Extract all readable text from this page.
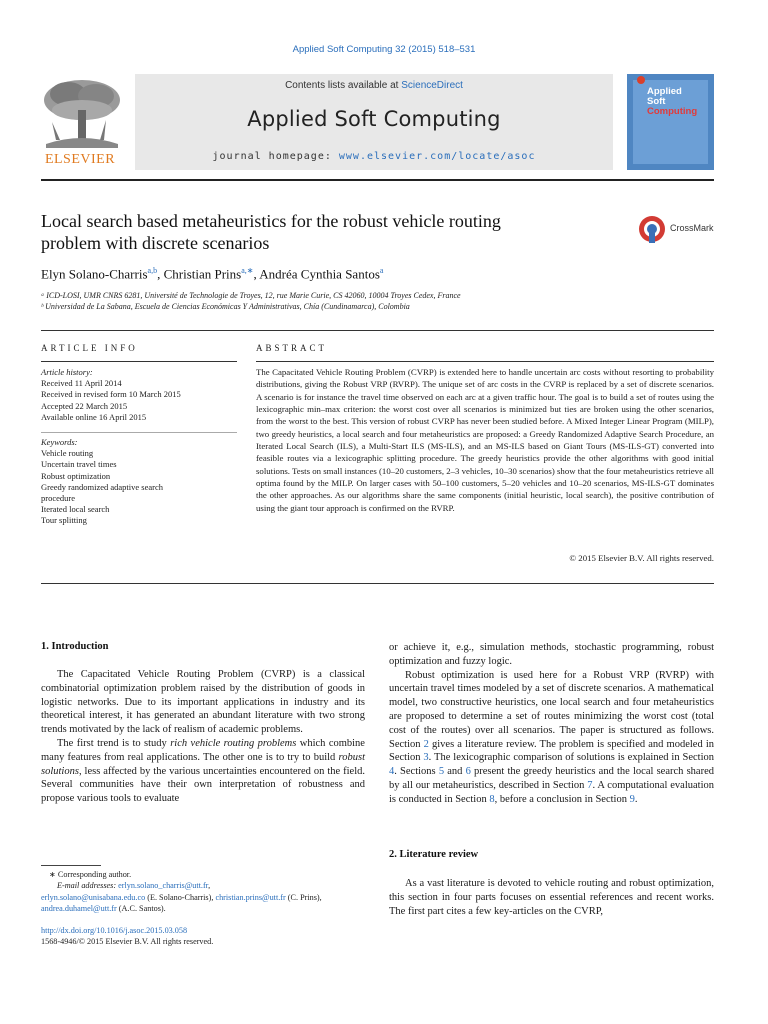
Applied Soft Computing 32 (2015) 518–531
ELSEVIER
Contents lists available at ScienceDirect
Applied Soft Computing
journal homepage: www.elsevier.com/locate/asoc
Applied
Soft
Computing
Local search based metaheuristics for the robust vehicle routing
problem with discrete scenarios
CrossMark
Elyn Solano-Charris$^{a,b}$, Christian Prins$^{a,∗}$, Andréa Cynthia Santos$^a$
ᵃ ICD-LOSI, UMR CNRS 6281, Université de Technologie de Troyes, 12, rue Marie Curie, CS 42060, 10004 Troyes Cedex, France
ᵇ Universidad de La Sabana, Escuela de Ciencias Económicas Y Administrativas, Chía (Cundinamarca), Colombia
ARTICLE INFO
Article history:
Received 11 April 2014
Received in revised form 10 March 2015
Accepted 22 March 2015
Available online 16 April 2015
Keywords:
Vehicle routing
Uncertain travel times
Robust optimization
Greedy randomized adaptive search
procedure
Iterated local search
Tour splitting
ABSTRACT
The Capacitated Vehicle Routing Problem (CVRP) is extended here to handle uncertain arc costs without resorting to probability distributions, giving the Robust VRP (RVRP). The unique set of arc costs in the CVRP is replaced by a set of discrete scenarios. A scenario is for instance the travel time observed on each arc at a given traffic hour. The goal is to build a set of routes using the lexicographic min–max criterion: the worst cost over all scenarios is minimized but ties are broken using the other scenarios, from the worst to the best. This version of robust CVRP has never been studied before. A Mixed Integer Linear Program (MILP), two greedy heuristics, a local search and four metaheuristics are proposed: a Greedy Randomized Adaptive Search Procedure, an Iterated Local Search (ILS), a Multi-Start ILS (MS-ILS), and an MS-ILS based on Giant Tours (MS-ILS-GT) converted into feasible routes via a lexicographic splitting procedure. The greedy heuristics provide the other algorithms with good initial solutions. Tests on small instances (10–20 customers, 2–3 vehicles, 10–30 scenarios) show that the four metaheuristics retrieve all optima found by the MILP. On larger cases with 50–100 customers, 5–20 vehicles and 10–20 scenarios, MS-ILS-GT dominates the other approaches. As our algorithms share the same components (initial heuristic, local search), the positive contribution of using the giant tour approach is confirmed on the RVRP.
© 2015 Elsevier B.V. All rights reserved.
1. Introduction

The Capacitated Vehicle Routing Problem (CVRP) is a classical combinatorial optimization problem raised by the distribution of goods in logistic networks. Due to its important applications in industry and its theoretical interest, it has generated an abundant literature with two strong trends motivated by the lack of realism of academic problems.

The first trend is to study rich vehicle routing problems which combine many features from real applications. The other one is to try to build robust solutions, less affected by the various uncertainties encountered on the field. Several communities have their own interpretation of robustness and propose various tools to evaluate

or achieve it, e.g., simulation methods, stochastic programming, robust optimization and fuzzy logic.

Robust optimization is used here for a Robust VRP (RVRP) with uncertain travel times modeled by a set of discrete scenarios. A mathematical model, two constructive heuristics, one local search and four metaheuristics are proposed to determine a set of routes minimizing the worst cost (total cost of the routes) over all scenarios. The paper is structured as follows. Section 2 gives a literature review. The problem is specified and modeled in Section 3. The lexicographic comparison of solutions is explained in Section 4. Sections 5 and 6 present the greedy heuristics and the local search shared by all our metaheuristics, described in Section 7. A computational evaluation is conducted in Section 8, before a conclusion in Section 9.

2. Literature review

As a vast literature is devoted to vehicle routing and robust optimization, this section in four parts focuses on essential references and recent works. The first part cites a few key-articles on the CVRP,

∗ Corresponding author.
E-mail addresses: erlyn.solano_charris@utt.fr,
erlyn.solano@unisabana.edu.co (E. Solano-Charris), christian.prins@utt.fr (C. Prins),
andrea.duhamel@utt.fr (A.C. Santos).
http://dx.doi.org/10.1016/j.asoc.2015.03.058
1568-4946/© 2015 Elsevier B.V. All rights reserved.
